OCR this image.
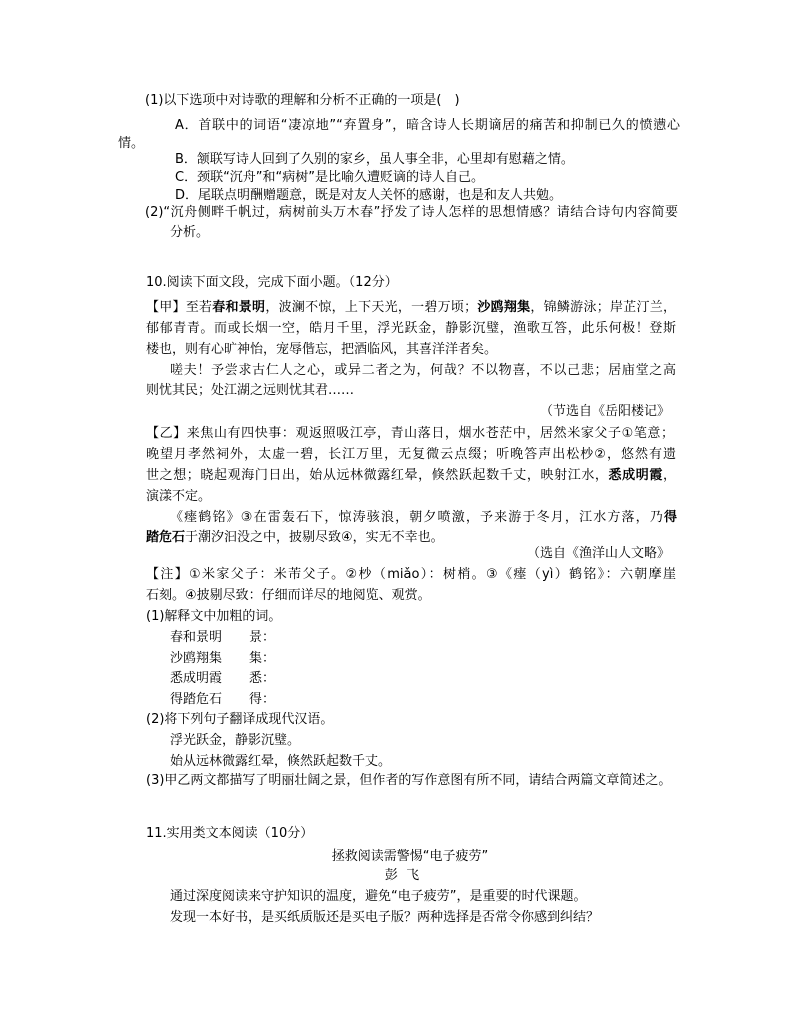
(1)以下选项中对诗歌的理解和分析不正确的一项是(　)
A．首联中的词语“凄凉地”“弃置身”，暗含诗人长期谪居的痛苦和抑制已久的愤懑心
情。
B．颔联写诗人回到了久别的家乡，虽人事全非，心里却有慰藉之情。
C．颈联“沉舟”和“病树”是比喻久遭贬谪的诗人自己。
D．尾联点明酬赠题意，既是对友人关怀的感谢，也是和友人共勉。
(2)“沉舟侧畔千帆过，病树前头万木春”抒发了诗人怎样的思想情感？请结合诗句内容简要
分析。
10.阅读下面文段，完成下面小题。（12分）
【甲】至若春和景明，波澜不惊，上下天光，一碧万顷；沙鸥翔集，锦鳞游泳；岸芷汀兰，
郁郁青青。而或长烟一空，皓月千里，浮光跃金，静影沉璧，渔歌互答，此乐何极！登斯
楼也，则有心旷神怡，宠辱偕忘，把酒临风，其喜洋洋者矣。
嗟夫！予尝求古仁人之心，或异二者之为，何哉？不以物喜，不以己悲；居庙堂之高
则忧其民；处江湖之远则忧其君……
（节选自《岳阳楼记》
【乙】来焦山有四快事：观返照吸江亭，青山落日，烟水苍茫中，居然米家父子①笔意；
晚望月孝然祠外，太虚一碧，长江万里，无复微云点缀；听晚答声出松杪②，悠然有遗
世之想；晓起观海门日出，始从远林微露红晕，倏然跃起数千丈，映射江水，悉成明霞，
演漾不定。
《瘗鹤铭》③在雷轰石下，惊涛骇浪，朝夕喷激，予来游于冬月，江水方落，乃得
踏危石于潮汐汩没之中，披剔尽致④，实无不幸也。
（选自《渔洋山人文略》
【注】①米家父子：米芾父子。②杪（miǎo）：树梢。③《瘗（yì）鹤铭》：六朝摩崖
石刻。④披剔尽致：仔细而详尽的地阅览、观赏。
(1)解释文中加粗的词。
春和景明 景：
沙鸥翔集 集：
悉成明霞 悉：
得踏危石 得：
(2)将下列句子翻译成现代汉语。
浮光跃金，静影沉璧。
始从远林微露红晕，倏然跃起数千丈。
(3)甲乙两文都描写了明丽壮阔之景，但作者的写作意图有所不同，请结合两篇文章简述之。
11.实用类文本阅读（10分）
拯救阅读需警惕“电子疲劳”
彭  飞
通过深度阅读来守护知识的温度，避免“电子疲劳”，是重要的时代课题。
发现一本好书，是买纸质版还是买电子版？两种选择是否常令你感到纠结？
